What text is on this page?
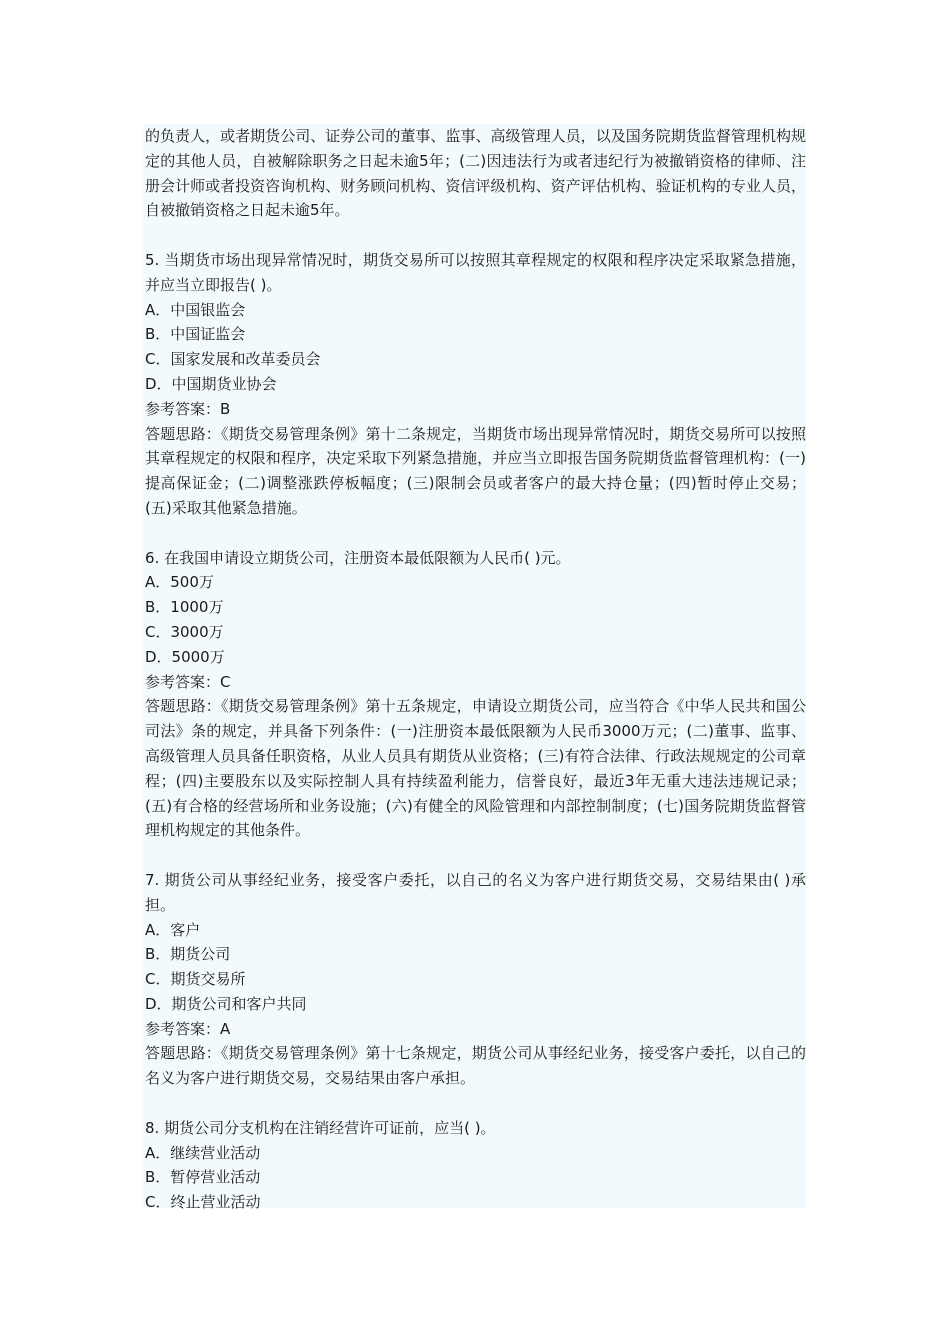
的负责人，或者期货公司、证券公司的董事、监事、高级管理人员，以及国务院期货监督管理机构规定的其他人员，自被解除职务之日起未逾5年；(二)因违法行为或者违纪行为被撤销资格的律师、注册会计师或者投资咨询机构、财务顾问机构、资信评级机构、资产评估机构、验证机构的专业人员，自被撤销资格之日起未逾5年。

5. 当期货市场出现异常情况时，期货交易所可以按照其章程规定的权限和程序决定采取紧急措施，并应当立即报告( )。

A．中国银监会

B．中国证监会

C．国家发展和改革委员会

D．中国期货业协会

参考答案：B

答题思路：《期货交易管理条例》第十二条规定，当期货市场出现异常情况时，期货交易所可以按照其章程规定的权限和程序，决定采取下列紧急措施，并应当立即报告国务院期货监督管理机构：(一)提高保证金；(二)调整涨跌停板幅度；(三)限制会员或者客户的最大持仓量；(四)暂时停止交易；(五)采取其他紧急措施。

6. 在我国申请设立期货公司，注册资本最低限额为人民币( )元。

A．500万

B．1000万

C．3000万

D．5000万

参考答案：C

答题思路：《期货交易管理条例》第十五条规定，申请设立期货公司，应当符合《中华人民共和国公司法》条的规定，并具备下列条件：(一)注册资本最低限额为人民币3000万元；(二)董事、监事、高级管理人员具备任职资格，从业人员具有期货从业资格；(三)有符合法律、行政法规规定的公司章程；(四)主要股东以及实际控制人具有持续盈利能力，信誉良好，最近3年无重大违法违规记录；(五)有合格的经营场所和业务设施；(六)有健全的风险管理和内部控制制度；(七)国务院期货监督管理机构规定的其他条件。

7. 期货公司从事经纪业务，接受客户委托，以自己的名义为客户进行期货交易，交易结果由( )承担。

A．客户

B．期货公司

C．期货交易所

D．期货公司和客户共同

参考答案：A

答题思路：《期货交易管理条例》第十七条规定，期货公司从事经纪业务，接受客户委托，以自己的名义为客户进行期货交易，交易结果由客户承担。

8. 期货公司分支机构在注销经营许可证前，应当( )。

A．继续营业活动

B．暂停营业活动

C．终止营业活动
